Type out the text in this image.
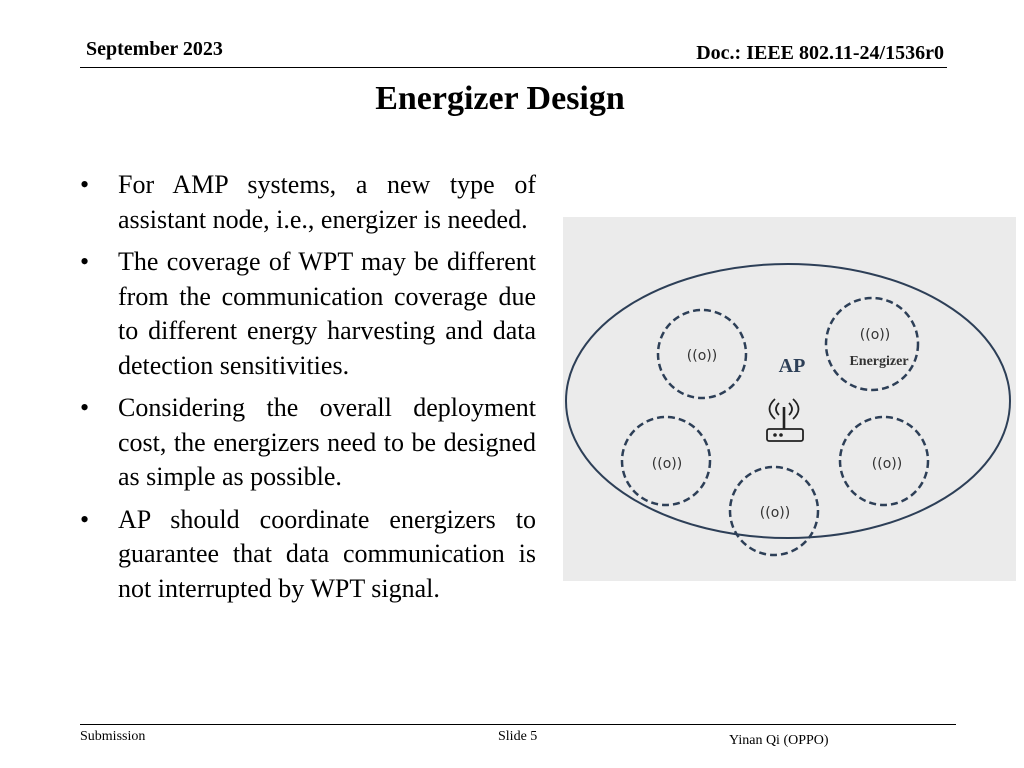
September 2023	Doc.: IEEE 802.11-24/1536r0
Energizer Design
•	For AMP systems, a new type of assistant node, i.e., energizer is needed.
•	The coverage of WPT may be different from the communication coverage due to different energy harvesting and data detection sensitivities.
•	Considering the overall deployment cost, the energizers need to be designed as simple as possible.
•	AP should coordinate energizers to guarantee that data communication is not interrupted by WPT signal.
((o))
((o))
((o))	((o))
((o))
Energizer
AP
Submission	Slide 5	Yinan Qi (OPPO)
